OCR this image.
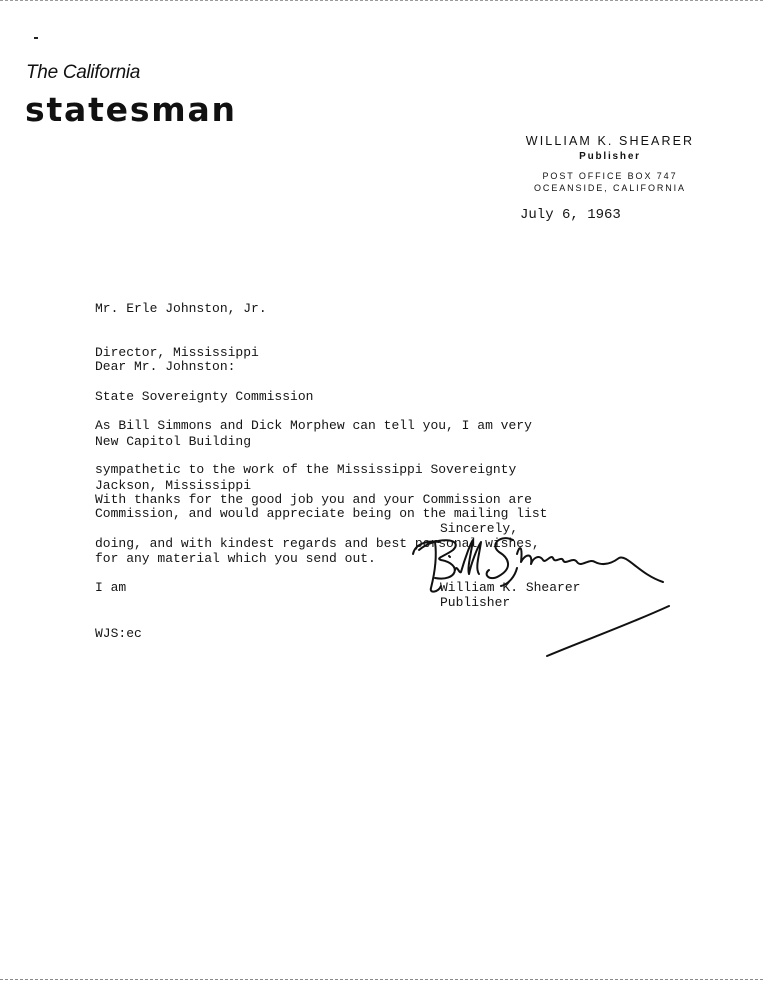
The California
statesman
WILLIAM K. SHEARER
Publisher
POST OFFICE BOX 747
OCEANSIDE, CALIFORNIA
July 6, 1963

Mr. Erle Johnston, Jr.

Director, Mississippi

State Sovereignty Commission

New Capitol Building

Jackson, Mississippi

Dear Mr. Johnston:

As Bill Simmons and Dick Morphew can tell you, I am very

sympathetic to the work of the Mississippi Sovereignty

Commission, and would appreciate being on the mailing list

for any material which you send out.

With thanks for the good job you and your Commission are

doing, and with kindest regards and best personal wishes,

I am

Sincerely,
William K. Shearer
Publisher
WJS:ec
